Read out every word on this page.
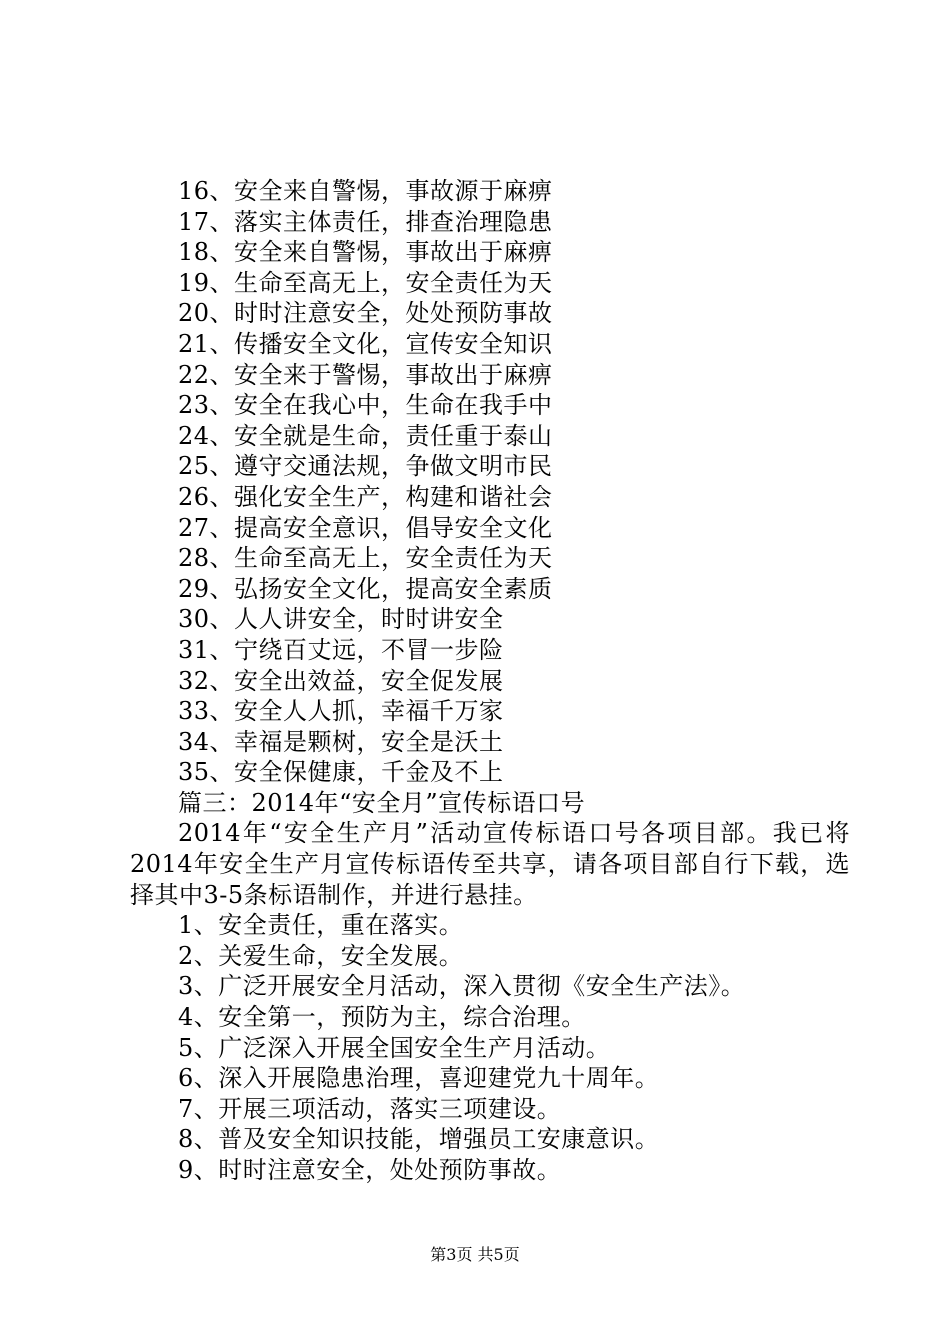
16、安全来自警惕，事故源于麻痹
17、落实主体责任，排查治理隐患
18、安全来自警惕，事故出于麻痹
19、生命至高无上，安全责任为天
20、时时注意安全，处处预防事故
21、传播安全文化，宣传安全知识
22、安全来于警惕，事故出于麻痹
23、安全在我心中，生命在我手中
24、安全就是生命，责任重于泰山
25、遵守交通法规，争做文明市民
26、强化安全生产，构建和谐社会
27、提高安全意识，倡导安全文化
28、生命至高无上，安全责任为天
29、弘扬安全文化，提高安全素质
30、人人讲安全，时时讲安全
31、宁绕百丈远，不冒一步险
32、安全出效益，安全促发展
33、安全人人抓，幸福千万家
34、幸福是颗树，安全是沃土
35、安全保健康，千金及不上
篇三：2014年“安全月”宣传标语口号

2014年“安全生产月”活动宣传标语口号各项目部。我已将2014年安全生产月宣传标语传至共享，请各项目部自行下载，选择其中3-5条标语制作，并进行悬挂。

1、安全责任，重在落实。
2、关爱生命，安全发展。
3、广泛开展安全月活动，深入贯彻《安全生产法》。
4、安全第一，预防为主，综合治理。
5、广泛深入开展全国安全生产月活动。
6、深入开展隐患治理，喜迎建党九十周年。
7、开展三项活动，落实三项建设。
8、普及安全知识技能，增强员工安康意识。
9、时时注意安全，处处预防事故。
第3页 共5页
